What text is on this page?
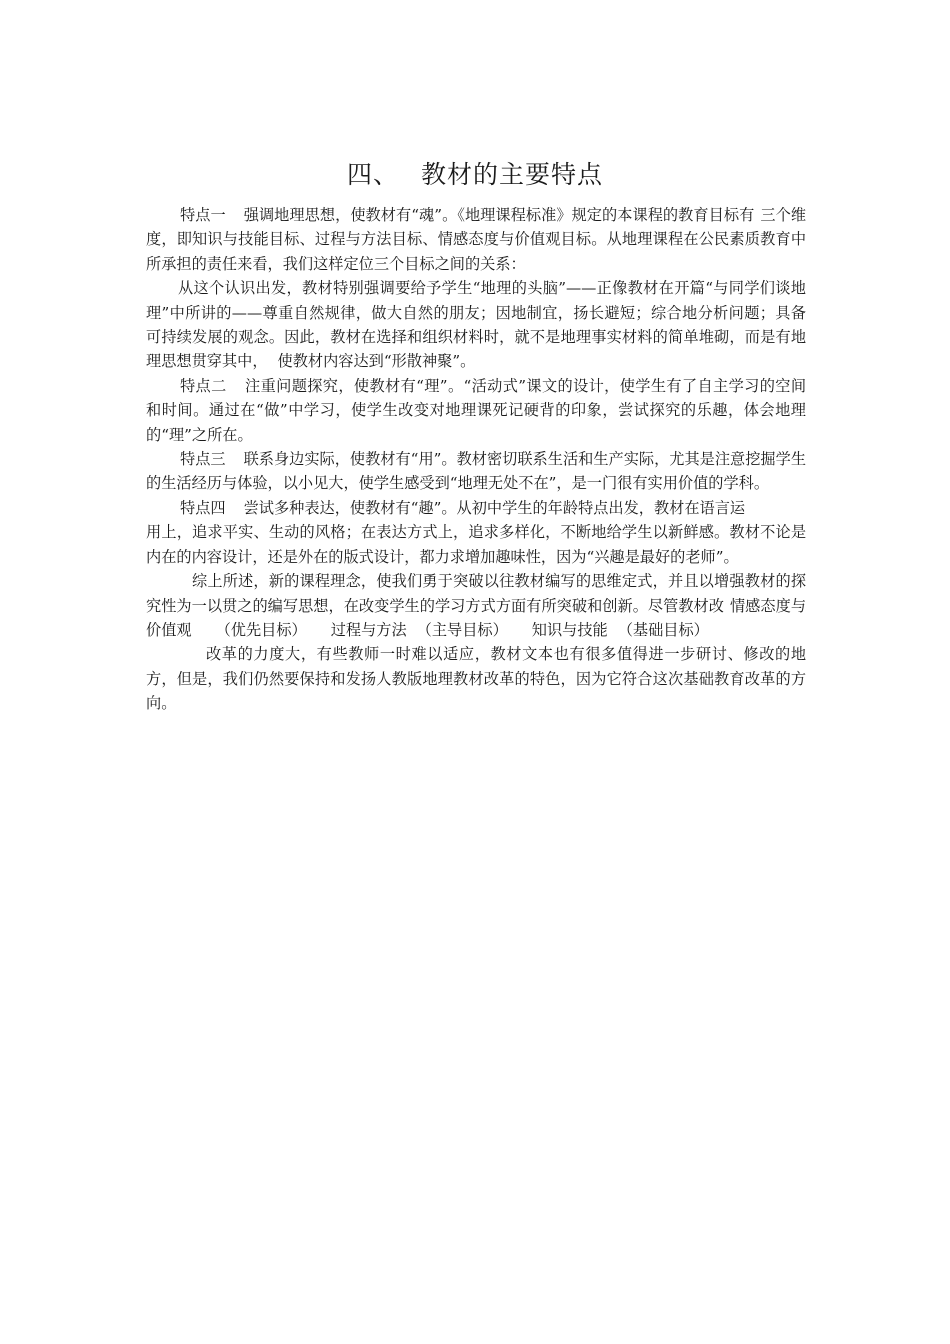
四、 教材的主要特点

特点一 强调地理思想，使教材有“魂”。《地理课程标准》规定的本课程的教育目标有 三个维度，即知识与技能目标、过程与方法目标、情感态度与价值观目标。从地理课程在公民素质教育中所承担的责任来看，我们这样定位三个目标之间的关系：

从这个认识出发，教材特别强调要给予学生“地理的头脑”——正像教材在开篇“与同学们谈地理”中所讲的——尊重自然规律，做大自然的朋友；因地制宜，扬长避短；综合地分析问题；具备可持续发展的观念。因此，教材在选择和组织材料时，就不是地理事实材料的简单堆砌，而是有地理思想贯穿其中， 使教材内容达到“形散神聚”。

特点二 注重问题探究，使教材有“理”。“活动式”课文的设计，使学生有了自主学习的空间和时间。通过在“做”中学习，使学生改变对地理课死记硬背的印象，尝试探究的乐趣，体会地理的“理”之所在。

特点三 联系身边实际，使教材有“用”。教材密切联系生活和生产实际，尤其是注意挖掘学生的生活经历与体验，以小见大，使学生感受到“地理无处不在”，是一门很有实用价值的学科。

特点四 尝试多种表达，使教材有“趣”。从初中学生的年龄特点出发，教材在语言运

用上，追求平实、生动的风格；在表达方式上，追求多样化，不断地给学生以新鲜感。教材不论是内在的内容设计，还是外在的版式设计，都力求增加趣味性，因为“兴趣是最好的老师”。

综上所述，新的课程理念，使我们勇于突破以往教材编写的思维定式，并且以增强教材的探究性为一以贯之的编写思想，在改变学生的学习方式方面有所突破和创新。尽管教材改 情感态度与价值观 （优先目标） 过程与方法 （主导目标） 知识与技能 （基础目标）

改革的力度大，有些教师一时难以适应，教材文本也有很多值得进一步研讨、修改的地方，但是，我们仍然要保持和发扬人教版地理教材改革的特色，因为它符合这次基础教育改革的方向。
